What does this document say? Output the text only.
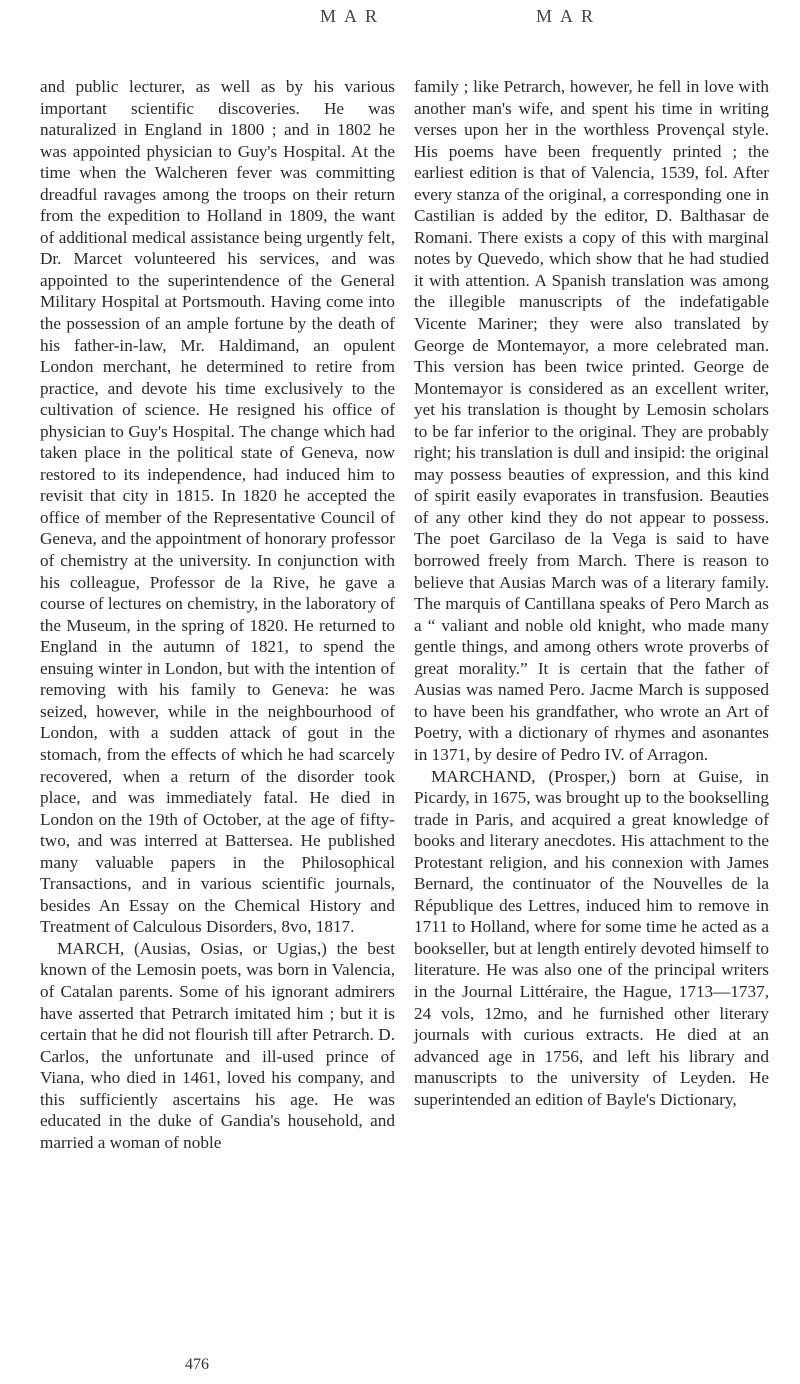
MAR	MAR

and public lecturer, as well as by his various important scientific discoveries. He was naturalized in England in 1800 ; and in 1802 he was appointed physician to Guy's Hospital. At the time when the Walcheren fever was committing dreadful ravages among the troops on their return from the expedition to Holland in 1809, the want of additional medical assistance being urgently felt, Dr. Marcet volunteered his services, and was appointed to the superintendence of the General Military Hospital at Portsmouth. Having come into the possession of an ample fortune by the death of his father-in-law, Mr. Haldimand, an opulent London merchant, he determined to retire from practice, and devote his time exclusively to the cultivation of science. He resigned his office of physician to Guy's Hospital. The change which had taken place in the political state of Geneva, now restored to its independence, had induced him to revisit that city in 1815. In 1820 he accepted the office of member of the Representative Council of Geneva, and the appointment of honorary professor of chemistry at the university. In conjunction with his colleague, Professor de la Rive, he gave a course of lectures on chemistry, in the laboratory of the Museum, in the spring of 1820. He returned to England in the autumn of 1821, to spend the ensuing winter in London, but with the intention of removing with his family to Geneva: he was seized, however, while in the neighbourhood of London, with a sudden attack of gout in the stomach, from the effects of which he had scarcely recovered, when a return of the disorder took place, and was immediately fatal. He died in London on the 19th of October, at the age of fifty-two, and was interred at Battersea. He published many valuable papers in the Philosophical Transactions, and in various scientific journals, besides An Essay on the Chemical History and Treatment of Calculous Disorders, 8vo, 1817.

MARCH, (Ausias, Osias, or Ugias,) the best known of the Lemosin poets, was born in Valencia, of Catalan parents. Some of his ignorant admirers have asserted that Petrarch imitated him ; but it is certain that he did not flourish till after Petrarch. D. Carlos, the unfortunate and ill-used prince of Viana, who died in 1461, loved his company, and this sufficiently ascertains his age. He was educated in the duke of Gandia's household, and married a woman of noble

family ; like Petrarch, however, he fell in love with another man's wife, and spent his time in writing verses upon her in the worthless Provençal style. His poems have been frequently printed ; the earliest edition is that of Valencia, 1539, fol. After every stanza of the original, a corresponding one in Castilian is added by the editor, D. Balthasar de Romani. There exists a copy of this with marginal notes by Quevedo, which show that he had studied it with attention. A Spanish translation was among the illegible manuscripts of the indefatigable Vicente Mariner; they were also translated by George de Montemayor, a more celebrated man. This version has been twice printed. George de Montemayor is considered as an excellent writer, yet his translation is thought by Lemosin scholars to be far inferior to the original. They are probably right; his translation is dull and insipid: the original may possess beauties of expression, and this kind of spirit easily evaporates in transfusion. Beauties of any other kind they do not appear to possess. The poet Garcilaso de la Vega is said to have borrowed freely from March. There is reason to believe that Ausias March was of a literary family. The marquis of Cantillana speaks of Pero March as a “ valiant and noble old knight, who made many gentle things, and among others wrote proverbs of great morality.” It is certain that the father of Ausias was named Pero. Jacme March is supposed to have been his grandfather, who wrote an Art of Poetry, with a dictionary of rhymes and asonantes in 1371, by desire of Pedro IV. of Arragon.

MARCHAND, (Prosper,) born at Guise, in Picardy, in 1675, was brought up to the bookselling trade in Paris, and acquired a great knowledge of books and literary anecdotes. His attachment to the Protestant religion, and his connexion with James Bernard, the continuator of the Nouvelles de la République des Lettres, induced him to remove in 1711 to Holland, where for some time he acted as a bookseller, but at length entirely devoted himself to literature. He was also one of the principal writers in the Journal Littéraire, the Hague, 1713—1737, 24 vols, 12mo, and he furnished other literary journals with curious extracts. He died at an advanced age in 1756, and left his library and manuscripts to the university of Leyden. He superintended an edition of Bayle's Dictionary,

476
